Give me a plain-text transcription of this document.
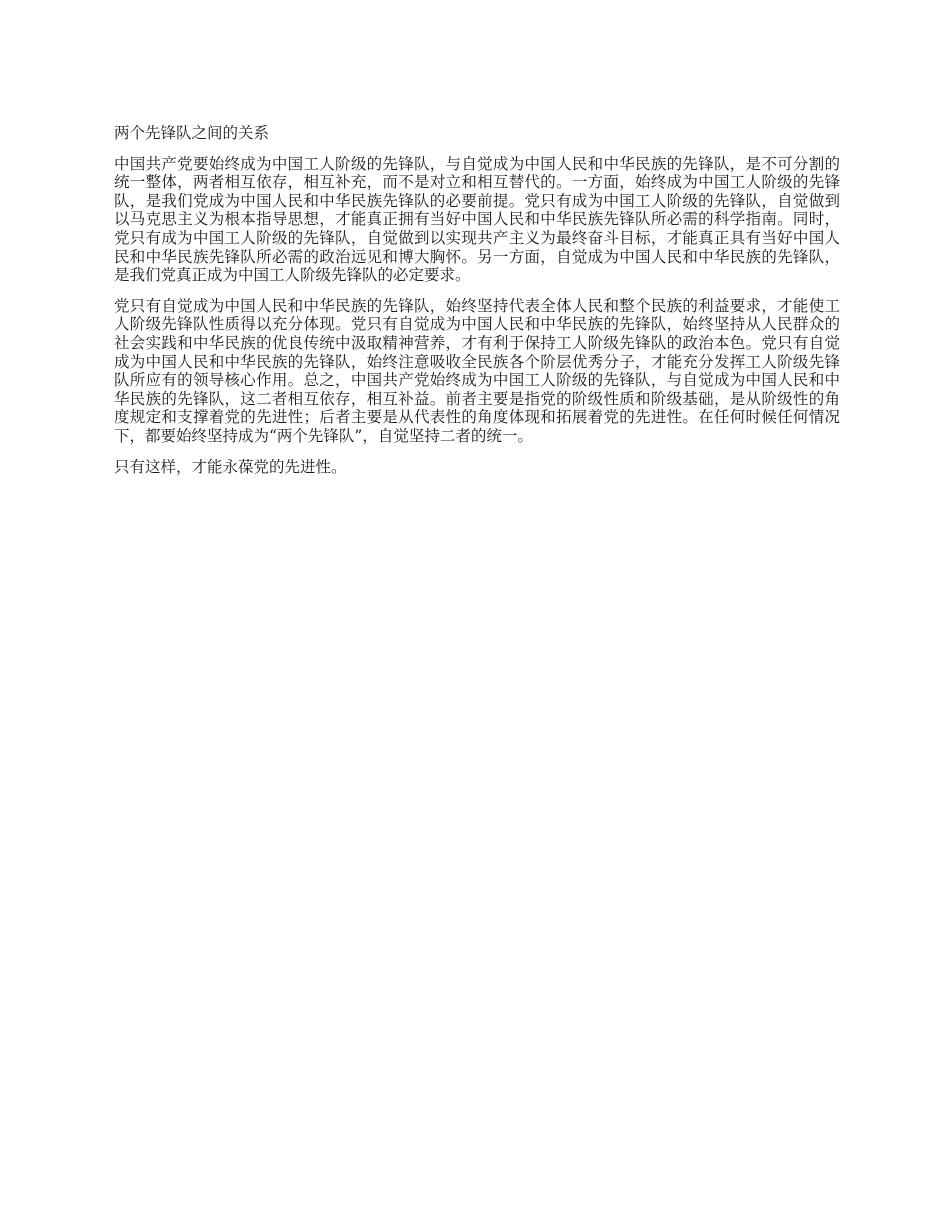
两个先锋队之间的关系

中国共产党要始终成为中国工人阶级的先锋队，与自觉成为中国人民和中华民族的先锋队，是不可分割的统一整体，两者相互依存，相互补充，而不是对立和相互替代的。一方面，始终成为中国工人阶级的先锋队，是我们党成为中国人民和中华民族先锋队的必要前提。党只有成为中国工人阶级的先锋队，自觉做到以马克思主义为根本指导思想，才能真正拥有当好中国人民和中华民族先锋队所必需的科学指南。同时，党只有成为中国工人阶级的先锋队，自觉做到以实现共产主义为最终奋斗目标，才能真正具有当好中国人民和中华民族先锋队所必需的政治远见和博大胸怀。另一方面，自觉成为中国人民和中华民族的先锋队，是我们党真正成为中国工人阶级先锋队的必定要求。

党只有自觉成为中国人民和中华民族的先锋队，始终坚持代表全体人民和整个民族的利益要求，才能使工人阶级先锋队性质得以充分体现。党只有自觉成为中国人民和中华民族的先锋队，始终坚持从人民群众的社会实践和中华民族的优良传统中汲取精神营养，才有利于保持工人阶级先锋队的政治本色。党只有自觉成为中国人民和中华民族的先锋队，始终注意吸收全民族各个阶层优秀分子，才能充分发挥工人阶级先锋队所应有的领导核心作用。总之，中国共产党始终成为中国工人阶级的先锋队，与自觉成为中国人民和中华民族的先锋队，这二者相互依存，相互补益。前者主要是指党的阶级性质和阶级基础，是从阶级性的角度规定和支撑着党的先进性；后者主要是从代表性的角度体现和拓展着党的先进性。在任何时候任何情况下，都要始终坚持成为“两个先锋队”，自觉坚持二者的统一。

只有这样，才能永葆党的先进性。
